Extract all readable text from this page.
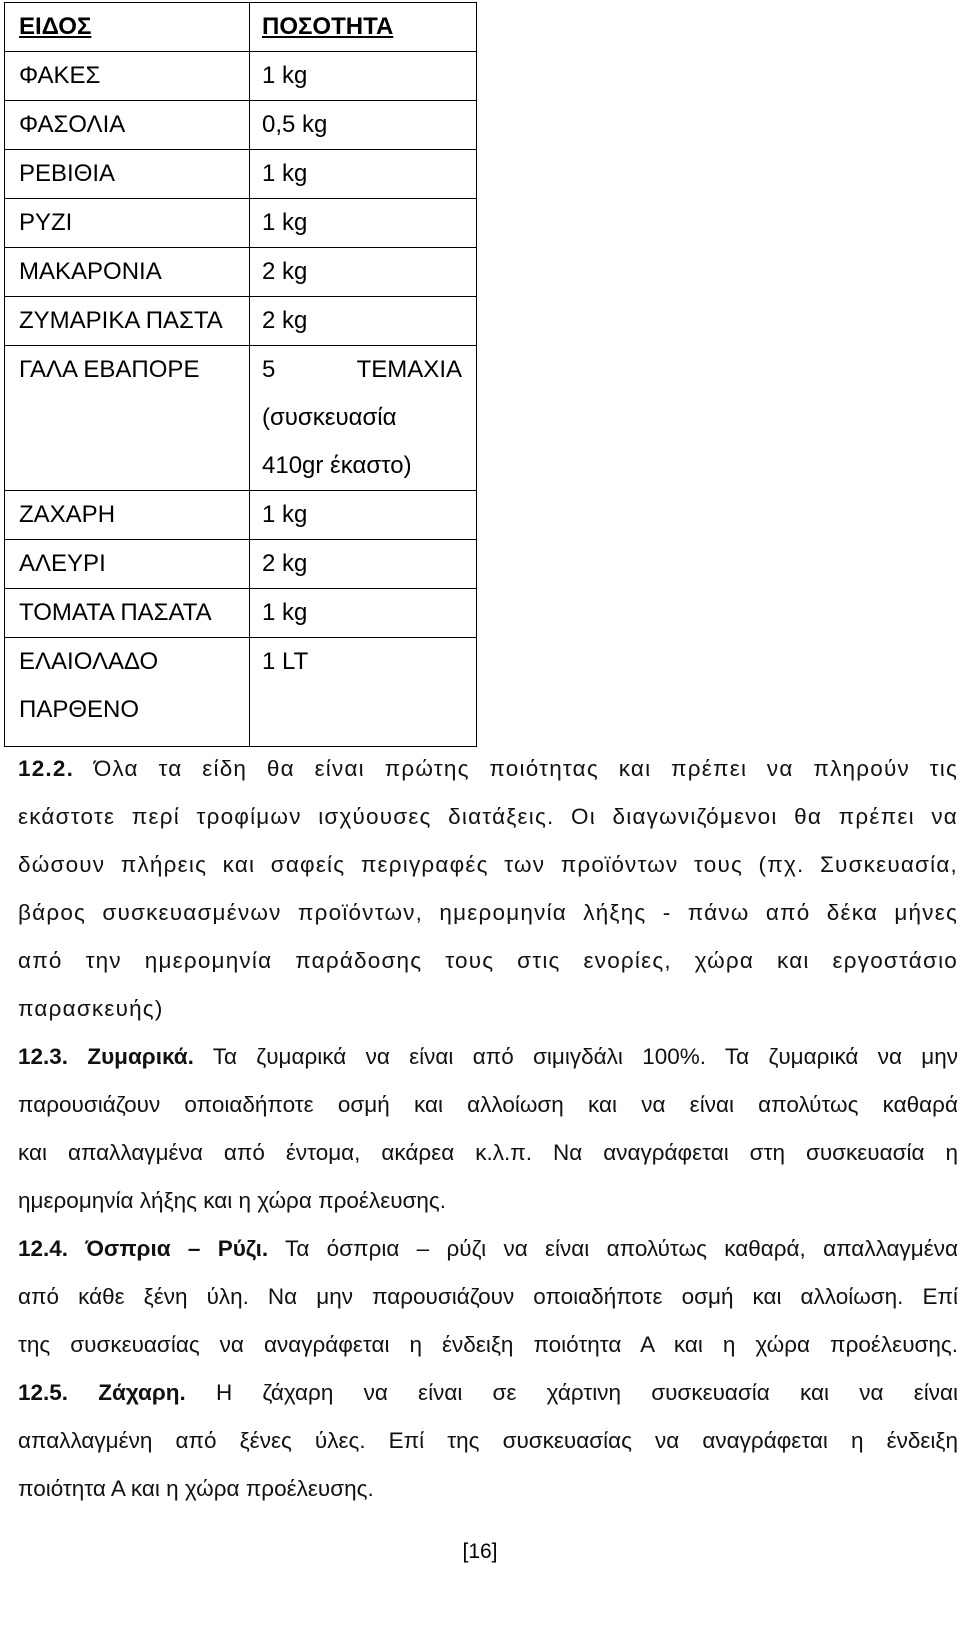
ΕΙΔΟΣ	ΠΟΣΟΤΗΤΑ
ΦΑΚΕΣ	1 kg
ΦΑΣΟΛΙΑ	0,5 kg
ΡΕΒΙΘΙΑ	1 kg
ΡΥΖΙ	1 kg
ΜΑΚΑΡΟΝΙΑ	2 kg
ΖΥΜΑΡΙΚΑ ΠΑΣΤΑ	2 kg
ΓΑΛΑ ΕΒΑΠΟΡΕ	5 ΤΕΜΑΧΙΑ
(συσκευασία
410gr έκαστο)

ΖΑΧΑΡΗ	1 kg
ΑΛΕΥΡΙ	2 kg
ΤΟΜΑΤΑ ΠΑΣΑΤΑ	1 kg

ΕΛΑΙΟΛΑΔΟ
ΠΑΡΘΕΝΟ	1 LT
12.2. Όλα τα είδη θα είναι πρώτης ποιότητας και πρέπει να πληρούν τις
εκάστοτε περί τροφίμων ισχύουσες διατάξεις. Οι διαγωνιζόμενοι θα πρέπει να
δώσουν πλήρεις και σαφείς περιγραφές των προϊόντων τους (πχ. Συσκευασία,
βάρος συσκευασμένων προϊόντων, ημερομηνία λήξης - πάνω από δέκα μήνες
από την ημερομηνία παράδοσης τους στις ενορίες, χώρα και εργοστάσιο
παρασκευής)
12.3. Ζυμαρικά. Τα ζυμαρικά να είναι από σιμιγδάλι 100%. Τα ζυμαρικά να μην
παρουσιάζουν οποιαδήποτε οσμή και αλλοίωση και να είναι απολύτως καθαρά
και απαλλαγμένα από έντομα, ακάρεα κ.λ.π. Να αναγράφεται στη συσκευασία η
ημερομηνία λήξης και η χώρα προέλευσης.
12.4. Όσπρια – Ρύζι. Τα όσπρια – ρύζι να είναι απολύτως καθαρά, απαλλαγμένα
από κάθε ξένη ύλη. Να μην παρουσιάζουν οποιαδήποτε οσμή και αλλοίωση. Επί
της συσκευασίας να αναγράφεται η ένδειξη ποιότητα Α και η χώρα προέλευσης.
12.5. Ζάχαρη. Η ζάχαρη να είναι σε χάρτινη συσκευασία και να είναι
απαλλαγμένη από ξένες ύλες. Επί της συσκευασίας να αναγράφεται η ένδειξη
ποιότητα Α και η χώρα προέλευσης.
[16]
